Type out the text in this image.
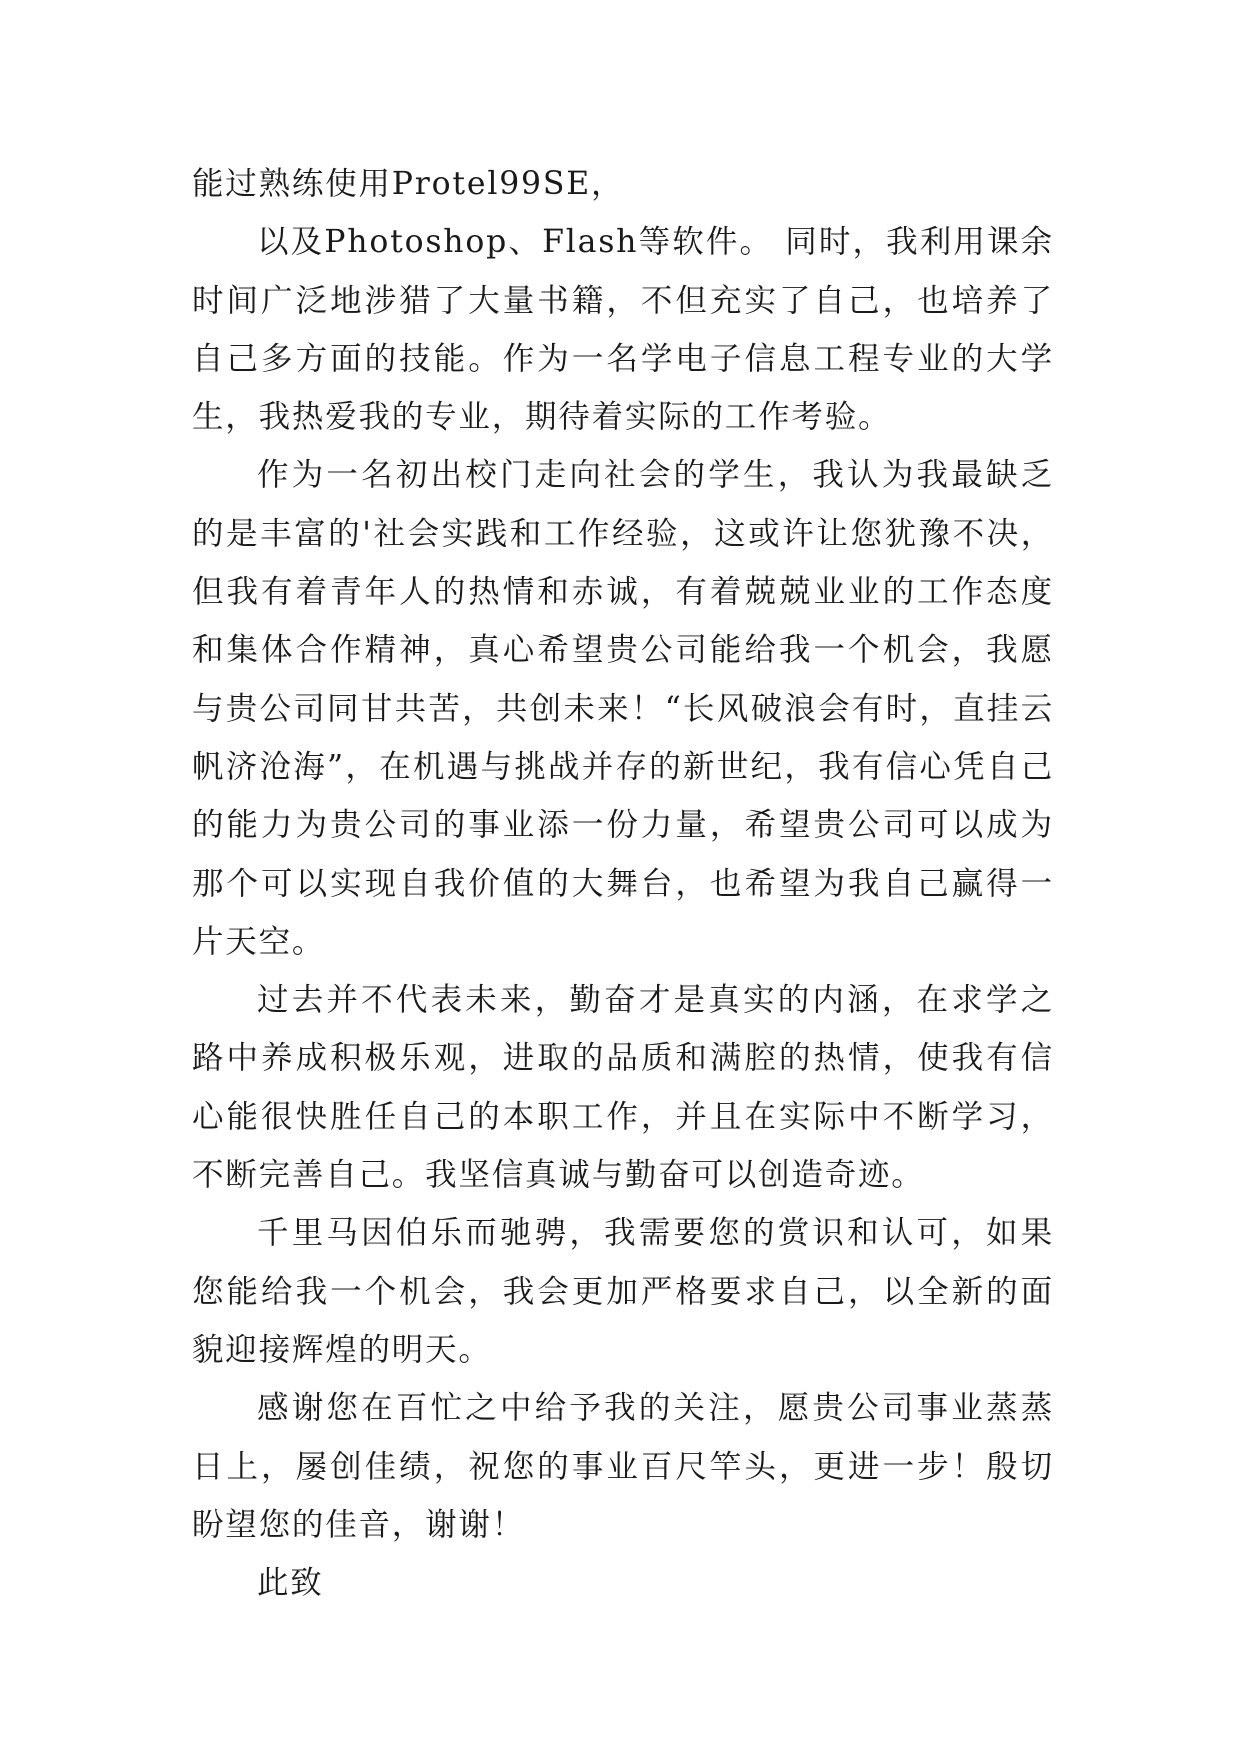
能过熟练使用Protel99SE，

以及Photoshop、Flash等软件。 同时，我利用课余时间广泛地涉猎了大量书籍，不但充实了自己，也培养了自己多方面的技能。作为一名学电子信息工程专业的大学生，我热爱我的专业，期待着实际的工作考验。

作为一名初出校门走向社会的学生，我认为我最缺乏的是丰富的'社会实践和工作经验，这或许让您犹豫不决，但我有着青年人的热情和赤诚，有着兢兢业业的工作态度和集体合作精神，真心希望贵公司能给我一个机会，我愿与贵公司同甘共苦，共创未来！“长风破浪会有时，直挂云帆济沧海”，在机遇与挑战并存的新世纪，我有信心凭自己的能力为贵公司的事业添一份力量，希望贵公司可以成为那个可以实现自我价值的大舞台，也希望为我自己赢得一片天空。

过去并不代表未来，勤奋才是真实的内涵，在求学之路中养成积极乐观，进取的品质和满腔的热情，使我有信心能很快胜任自己的本职工作，并且在实际中不断学习，不断完善自己。我坚信真诚与勤奋可以创造奇迹。

千里马因伯乐而驰骋，我需要您的赏识和认可，如果您能给我一个机会，我会更加严格要求自己，以全新的面貌迎接辉煌的明天。

感谢您在百忙之中给予我的关注，愿贵公司事业蒸蒸日上，屡创佳绩，祝您的事业百尺竿头，更进一步！殷切盼望您的佳音，谢谢！

此致
